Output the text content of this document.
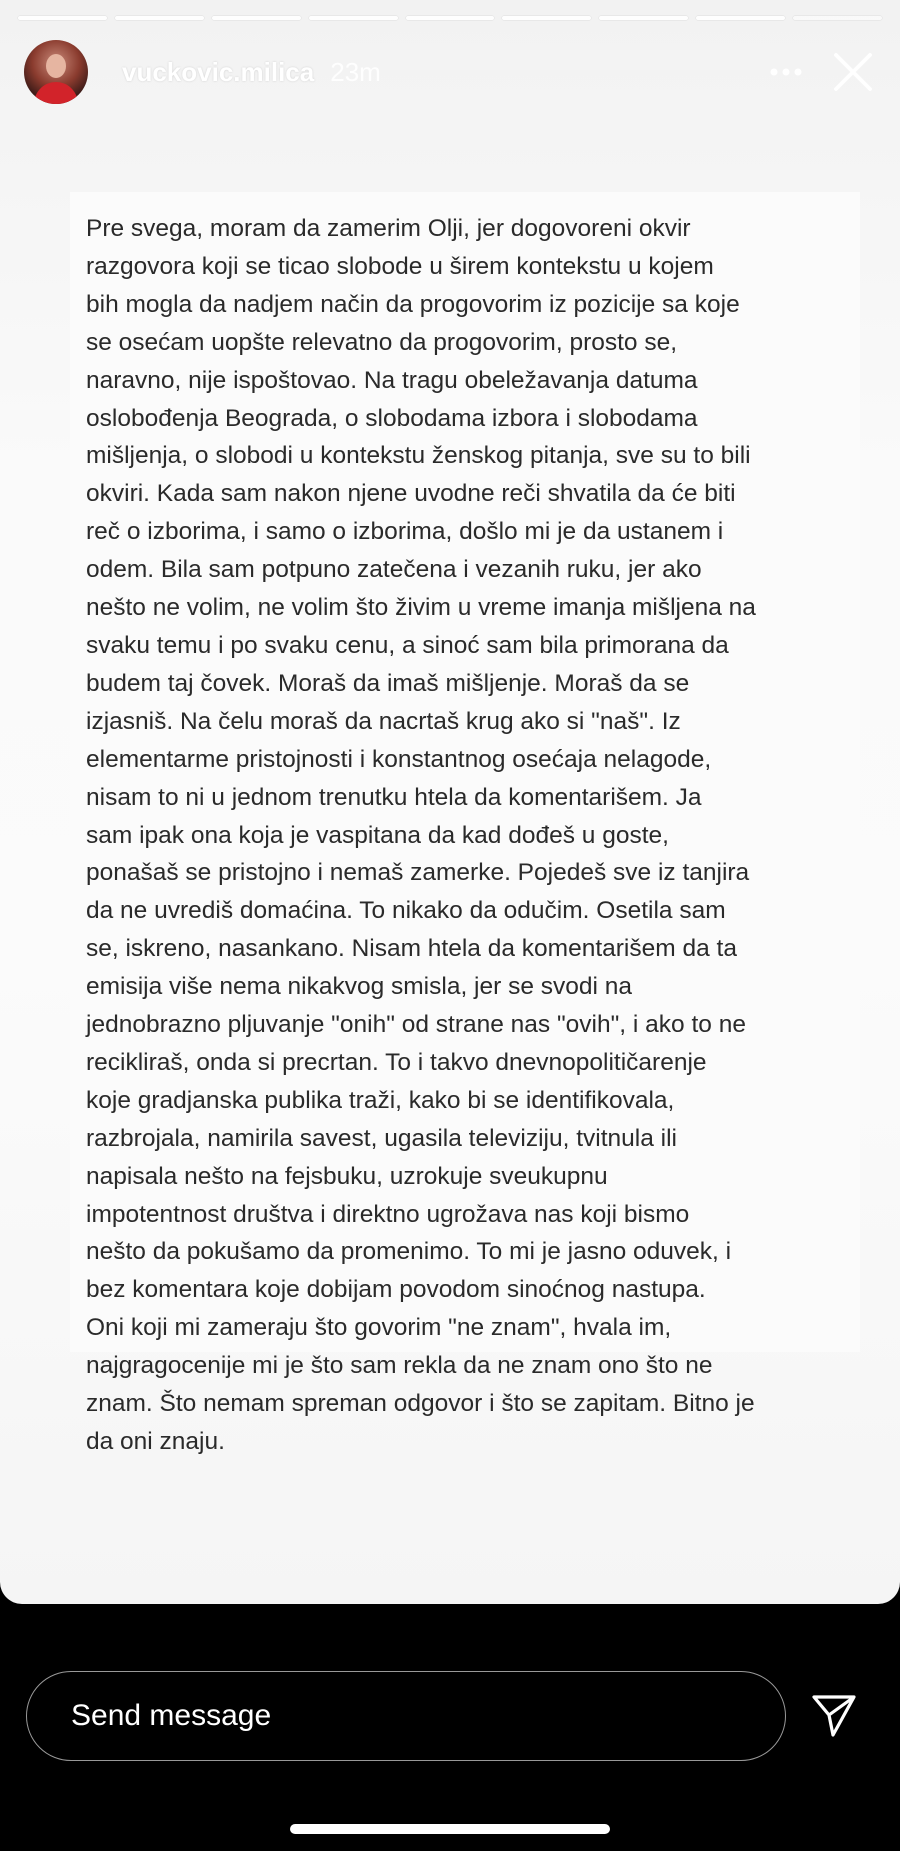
vuckovic.milica 23m
Pre svega, moram da zamerim Olji, jer dogovoreni okvir
razgovora koji se ticao slobode u širem kontekstu u kojem
bih mogla da nadjem način da progovorim iz pozicije sa koje
se osećam uopšte relevatno da progovorim, prosto se,
naravno, nije ispoštovao. Na tragu obeležavanja datuma
oslobođenja Beograda, o slobodama izbora i slobodama
mišljenja, o slobodi u kontekstu ženskog pitanja, sve su to bili
okviri. Kada sam nakon njene uvodne reči shvatila da će biti
reč o izborima, i samo o izborima, došlo mi je da ustanem i
odem. Bila sam potpuno zatečena i vezanih ruku, jer ako
nešto ne volim, ne volim što živim u vreme imanja mišljena na
svaku temu i po svaku cenu, a sinoć sam bila primorana da
budem taj čovek. Moraš da imaš mišljenje. Moraš da se
izjasniš. Na čelu moraš da nacrtaš krug ako si "naš". Iz
elementarme pristojnosti i konstantnog osećaja nelagode,
nisam to ni u jednom trenutku htela da komentarišem. Ja
sam ipak ona koja je vaspitana da kad dođeš u goste,
ponašaš se pristojno i nemaš zamerke. Pojedeš sve iz tanjira
da ne uvrediš domaćina. To nikako da odučim. Osetila sam
se, iskreno, nasankano. Nisam htela da komentarišem da ta
emisija više nema nikakvog smisla, jer se svodi na
jednobrazno pljuvanje "onih" od strane nas "ovih", i ako to ne
recikliraš, onda si precrtan. To i takvo dnevnopolitičarenje
koje gradjanska publika traži, kako bi se identifikovala,
razbrojala, namirila savest, ugasila televiziju, tvitnula ili
napisala nešto na fejsbuku, uzrokuje sveukupnu
impotentnost društva i direktno ugrožava nas koji bismo
nešto da pokušamo da promenimo. To mi je jasno oduvek, i
bez komentara koje dobijam povodom sinoćnog nastupa.
Oni koji mi zameraju što govorim "ne znam", hvala im,
najgragocenije mi je što sam rekla da ne znam ono što ne
znam. Što nemam spreman odgovor i što se zapitam. Bitno je
da oni znaju.
Send message
